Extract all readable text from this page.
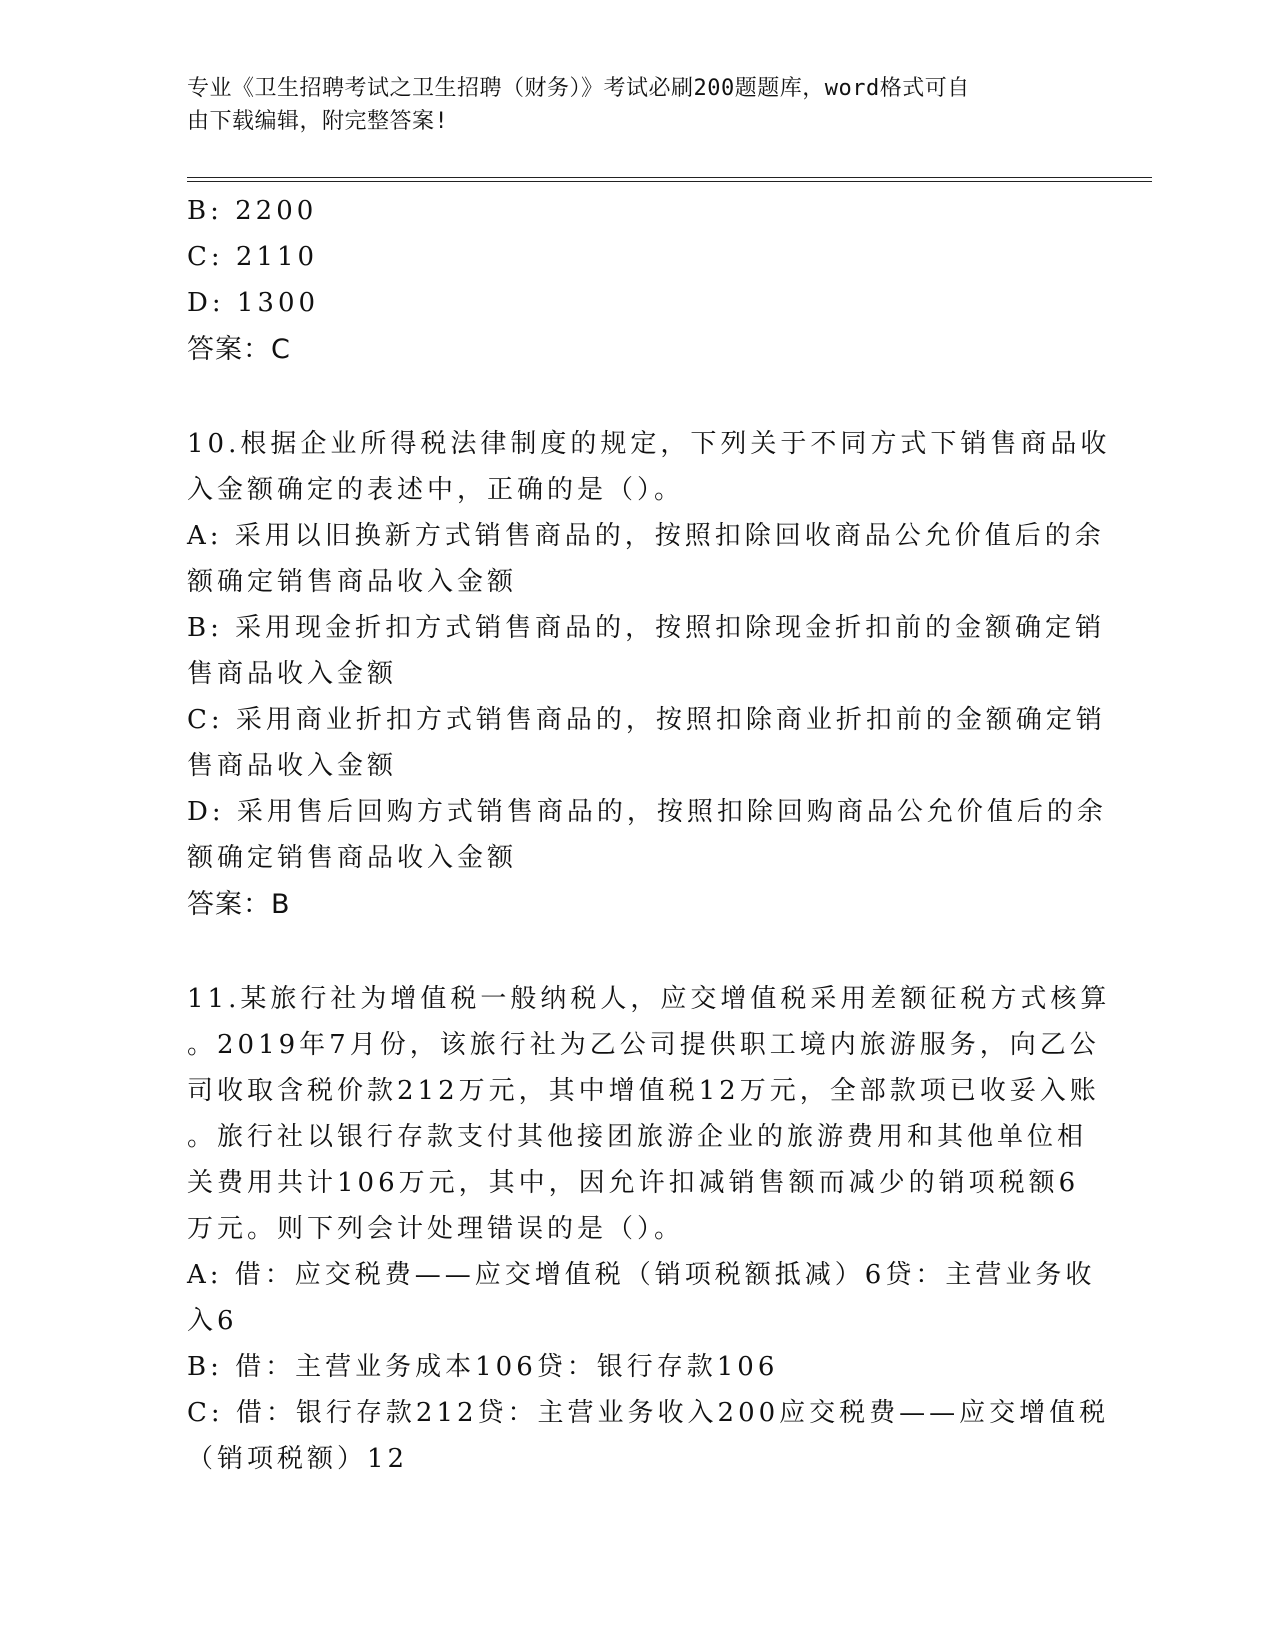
专业《卫生招聘考试之卫生招聘（财务）》考试必刷200题题库，word格式可自
由下载编辑，附完整答案!
B: 2200
C: 2110
D: 1300
答案：C
10.根据企业所得税法律制度的规定，下列关于不同方式下销售商品收
入金额确定的表述中，正确的是（）。
A: 采用以旧换新方式销售商品的，按照扣除回收商品公允价值后的余
额确定销售商品收入金额
B: 采用现金折扣方式销售商品的，按照扣除现金折扣前的金额确定销
售商品收入金额
C: 采用商业折扣方式销售商品的，按照扣除商业折扣前的金额确定销
售商品收入金额
D: 采用售后回购方式销售商品的，按照扣除回购商品公允价值后的余
额确定销售商品收入金额
答案：B
11.某旅行社为增值税一般纳税人，应交增值税采用差额征税方式核算
。2019年7月份，该旅行社为乙公司提供职工境内旅游服务，向乙公
司收取含税价款212万元，其中增值税12万元，全部款项已收妥入账
。旅行社以银行存款支付其他接团旅游企业的旅游费用和其他单位相
关费用共计106万元，其中，因允许扣减销售额而减少的销项税额6
万元。则下列会计处理错误的是（）。
A: 借：应交税费——应交增值税（销项税额抵减）6贷：主营业务收
入6
B: 借：主营业务成本106贷：银行存款106
C: 借：银行存款212贷：主营业务收入200应交税费——应交增值税
（销项税额）12
